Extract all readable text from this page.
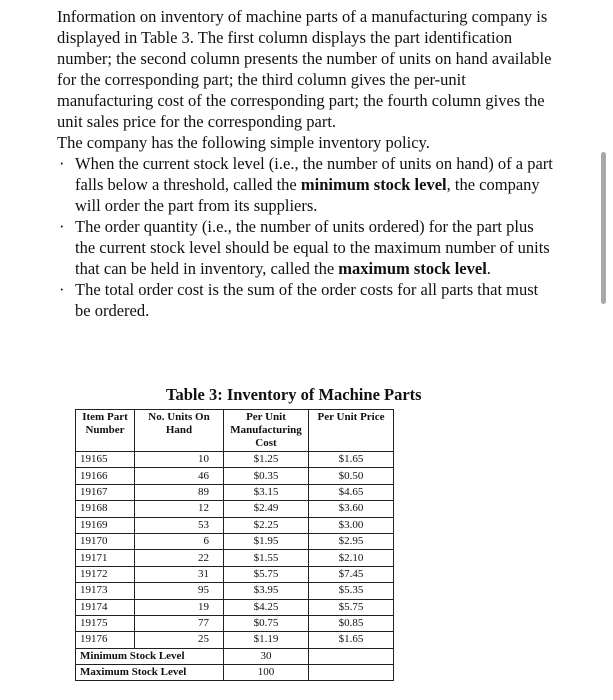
Information on inventory of machine parts of a manufacturing company is displayed in Table 3. The first column displays the part identification number; the second column presents the number of units on hand available for the corresponding part; the third column gives the per-unit manufacturing cost of the corresponding part; the fourth column gives the unit sales price for the corresponding part.

The company has the following simple inventory policy.

· When the current stock level (i.e., the number of units on hand) of a part falls below a threshold, called the minimum stock level, the company will order the part from its suppliers.
· The order quantity (i.e., the number of units ordered) for the part plus the current stock level should be equal to the maximum number of units that can be held in inventory, called the maximum stock level.
· The total order cost is the sum of the order costs for all parts that must be ordered.
Table 3: Inventory of Machine Parts
Item Part Number	No. Units On Hand	Per Unit Manufacturing Cost	Per Unit Price
19165	10	$1.25	$1.65
19166	46	$0.35	$0.50
19167	89	$3.15	$4.65
19168	12	$2.49	$3.60
19169	53	$2.25	$3.00
19170	6	$1.95	$2.95
19171	22	$1.55	$2.10
19172	31	$5.75	$7.45
19173	95	$3.95	$5.35
19174	19	$4.25	$5.75
19175	77	$0.75	$0.85
19176	25	$1.19	$1.65
Minimum Stock Level		30	
Maximum Stock Level		100	
